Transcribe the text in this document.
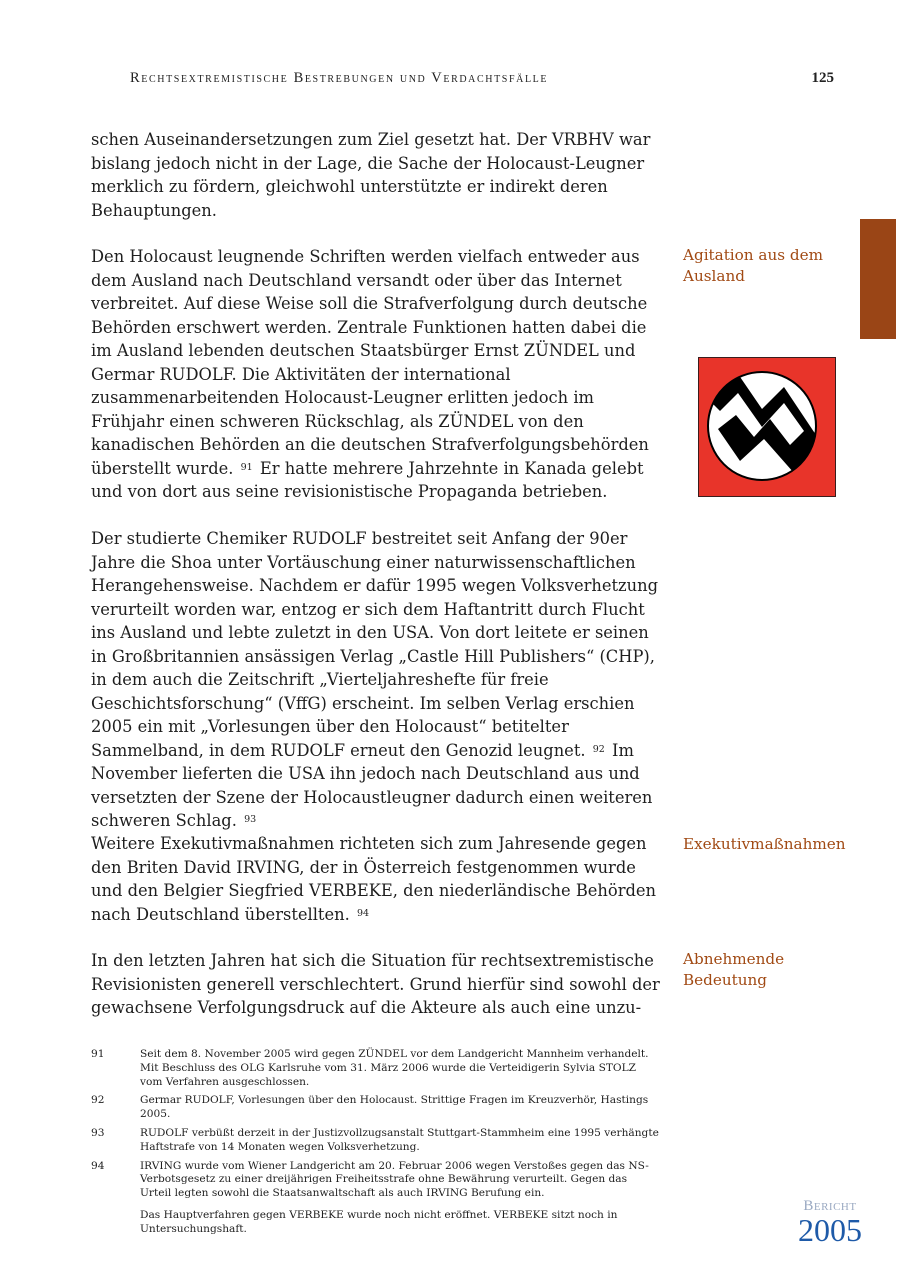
Rechtsextremistische Bestrebungen und Verdachtsfälle	125

schen Auseinandersetzungen zum Ziel gesetzt hat. Der VRBHV war bislang jedoch nicht in der Lage, die Sache der Holocaust-Leugner merklich zu fördern, gleichwohl unterstützte er indirekt deren Behauptungen.

Den Holocaust leugnende Schriften werden vielfach entweder aus dem Ausland nach Deutschland versandt oder über das Internet verbreitet. Auf diese Weise soll die Strafverfolgung durch deutsche Behörden erschwert werden. Zentrale Funktionen hatten dabei die im Ausland lebenden deutschen Staatsbürger Ernst ZÜNDEL und Germar RUDOLF. Die Aktivitäten der international zusammenarbeitenden Holocaust-Leugner erlitten jedoch im Frühjahr einen schweren Rückschlag, als ZÜNDEL von den kanadischen Behörden an die deutschen Strafverfolgungsbehörden überstellt wurde. $^{91}$ Er hatte mehrere Jahrzehnte in Kanada gelebt und von dort aus seine revisionistische Propaganda betrieben.

Der studierte Chemiker RUDOLF bestreitet seit Anfang der 90er Jahre die Shoa unter Vortäuschung einer naturwissenschaftlichen Herangehensweise. Nachdem er dafür 1995 wegen Volksverhetzung verurteilt worden war, entzog er sich dem Haftantritt durch Flucht ins Ausland und lebte zuletzt in den USA. Von dort leitete er seinen in Großbritannien ansässigen Verlag „Castle Hill Publishers“ (CHP), in dem auch die Zeitschrift „Vierteljahreshefte für freie Geschichtsforschung“ (VffG) erscheint. Im selben Verlag erschien 2005 ein mit „Vorlesungen über den Holocaust“ betitelter Sammelband, in dem RUDOLF erneut den Genozid leugnet. $^{92}$ Im November lieferten die USA ihn jedoch nach Deutschland aus und versetzten der Szene der Holocaustleugner dadurch einen weiteren schweren Schlag. $^{93}$

Weitere Exekutivmaßnahmen richteten sich zum Jahresende gegen den Briten David IRVING, der in Österreich festgenommen wurde und den Belgier Siegfried VERBEKE, den niederländische Behörden nach Deutschland überstellten. $^{94}$

In den letzten Jahren hat sich die Situation für rechtsextremistische Revisionisten generell verschlechtert. Grund hierfür sind sowohl der gewachsene Verfolgungsdruck auf die Akteure als auch eine unzu-

Agitation aus dem Ausland
Exekutivmaßnahmen
Abnehmende Bedeutung
91	Seit dem 8. November 2005 wird gegen ZÜNDEL vor dem Landgericht Mannheim verhandelt. Mit Beschluss des OLG Karlsruhe vom 31. März 2006 wurde die Verteidigerin Sylvia STOLZ vom Verfahren ausgeschlossen.
92	Germar RUDOLF, Vorlesungen über den Holocaust. Strittige Fragen im Kreuzverhör, Hastings 2005.
93	RUDOLF verbüßt derzeit in der Justizvollzugsanstalt Stuttgart-Stammheim eine 1995 verhängte Haftstrafe von 14 Monaten wegen Volksverhetzung.
94	IRVING wurde vom Wiener Landgericht am 20. Februar 2006 wegen Verstoßes gegen das NS-Verbotsgesetz zu einer dreijährigen Freiheitsstrafe ohne Bewährung verurteilt. Gegen das Urteil legten sowohl die Staatsanwaltschaft als auch IRVING Berufung ein.
Das Hauptverfahren gegen VERBEKE wurde noch nicht eröffnet. VERBEKE sitzt noch in Untersuchungshaft.
Bericht
2005
